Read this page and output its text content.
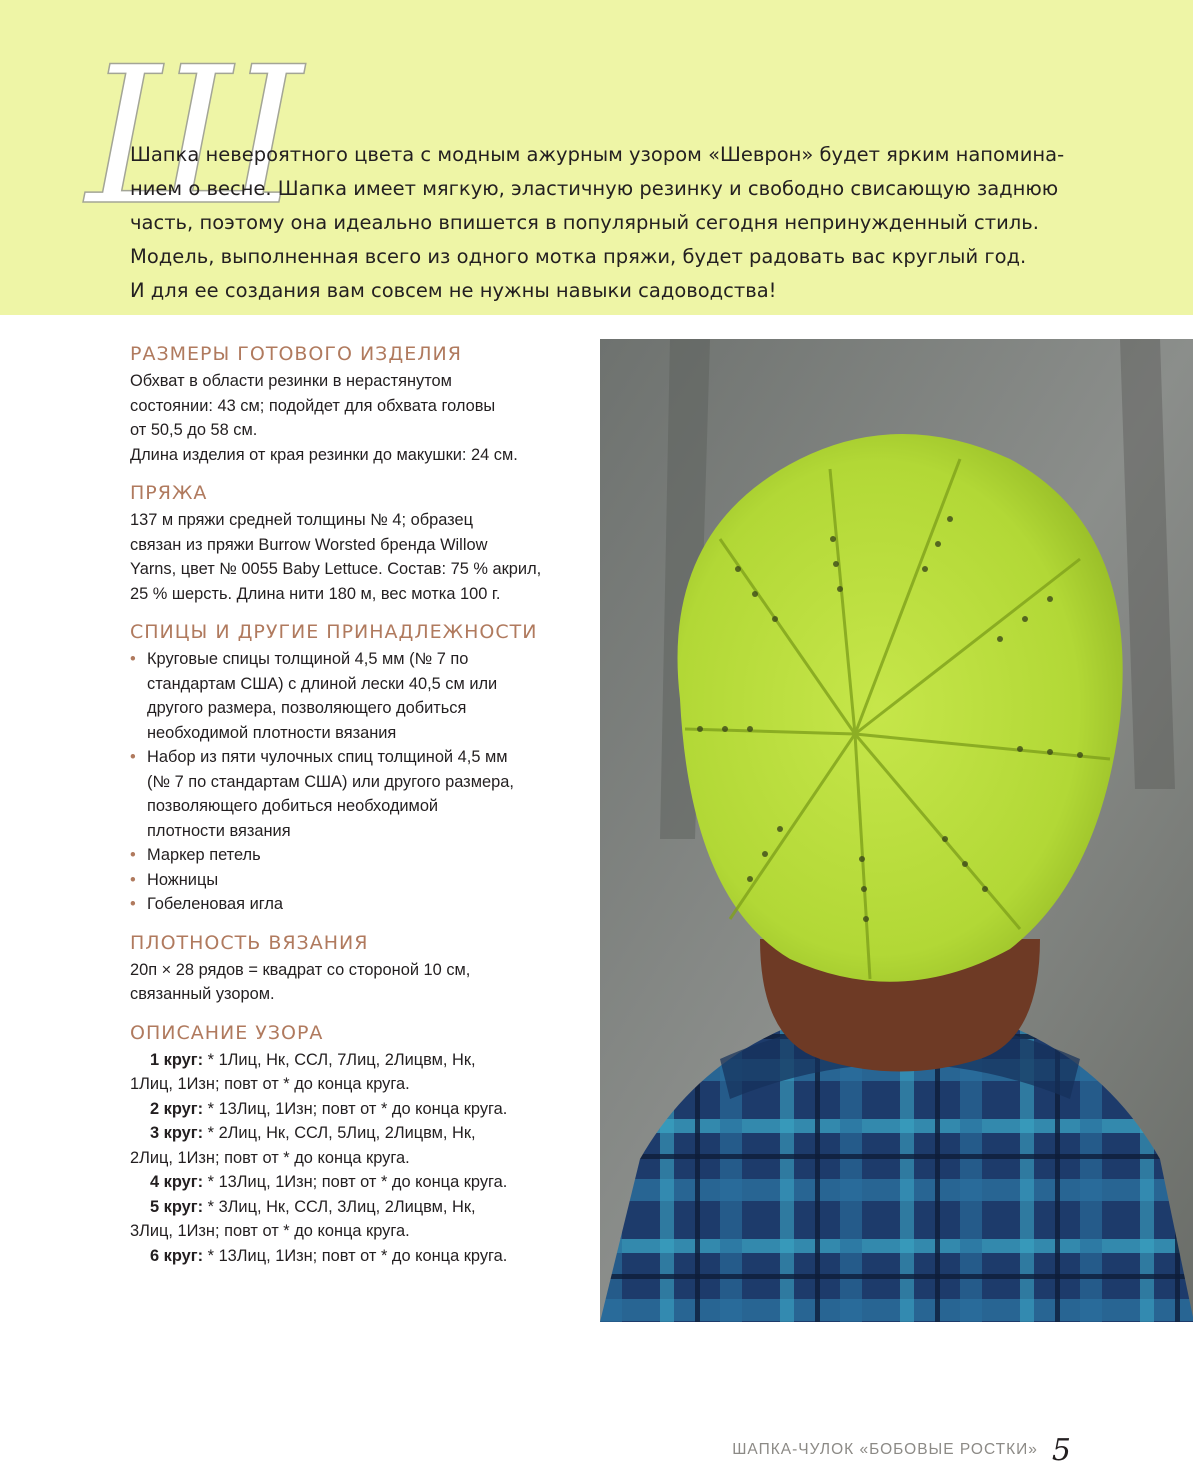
Ш
Шапка невероятного цвета с модным ажурным узором «Шеврон» будет ярким напомина-
нием о весне. Шапка имеет мягкую, эластичную резинку и свободно свисающую заднюю
часть, поэтому она идеально впишется в популярный сегодня непринужденный стиль.
Модель, выполненная всего из одного мотка пряжи, будет радовать вас круглый год.
И для ее создания вам совсем не нужны навыки садоводства!
РАЗМЕРЫ ГОТОВОГО ИЗДЕЛИЯ
Обхват в области резинки в нерастянутом
состоянии: 43 см; подойдет для обхвата головы
от 50,5 до 58 см.
Длина изделия от края резинки до макушки: 24 см.
ПРЯЖА
137 м пряжи средней толщины № 4; образец
связан из пряжи Burrow Worsted бренда Willow
Yarns, цвет № 0055 Baby Lettuce. Состав: 75 % акрил,
25 % шерсть. Длина нити 180 м, вес мотка 100 г.
СПИЦЫ И ДРУГИЕ ПРИНАДЛЕЖНОСТИ
• Круговые спицы толщиной 4,5 мм (№ 7 по
стандартам США) с длиной лески 40,5 см или
другого размера, позволяющего добиться
необходимой плотности вязания
• Набор из пяти чулочных спиц толщиной 4,5 мм
(№ 7 по стандартам США) или другого размера,
позволяющего добиться необходимой
плотности вязания
• Маркер петель
• Ножницы
• Гобеленовая игла
ПЛОТНОСТЬ ВЯЗАНИЯ
20п × 28 рядов = квадрат со стороной 10 см,
связанный узором.
ОПИСАНИЕ УЗОРА
1 круг: * 1Лиц, Нк, ССЛ, 7Лиц, 2Лицвм, Нк,
1Лиц, 1Изн; повт от * до конца круга.
2 круг: * 13Лиц, 1Изн; повт от * до конца круга.
3 круг: * 2Лиц, Нк, ССЛ, 5Лиц, 2Лицвм, Нк,
2Лиц, 1Изн; повт от * до конца круга.
4 круг: * 13Лиц, 1Изн; повт от * до конца круга.
5 круг: * 3Лиц, Нк, ССЛ, 3Лиц, 2Лицвм, Нк,
3Лиц, 1Изн; повт от * до конца круга.
6 круг: * 13Лиц, 1Изн; повт от * до конца круга.
ШАПКА-ЧУЛОК «БОБОВЫЕ РОСТКИ» 5
